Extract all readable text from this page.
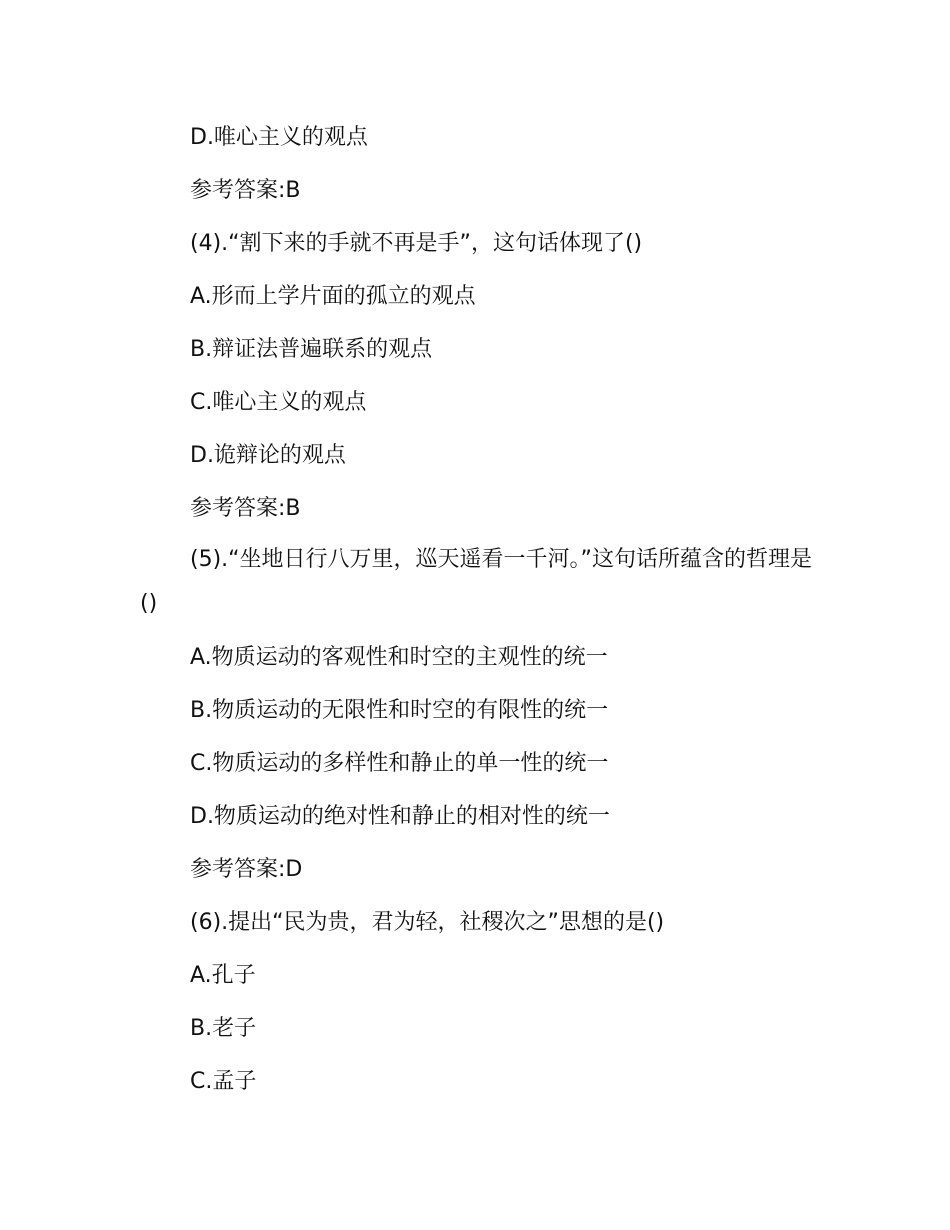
D.唯心主义的观点
参考答案:B
(4).“割下来的手就不再是手”，这句话体现了()
A.形而上学片面的孤立的观点
B.辩证法普遍联系的观点
C.唯心主义的观点
D.诡辩论的观点
参考答案:B
(5).“坐地日行八万里，巡天遥看一千河。”这句话所蕴含的哲理是()
A.物质运动的客观性和时空的主观性的统一
B.物质运动的无限性和时空的有限性的统一
C.物质运动的多样性和静止的单一性的统一
D.物质运动的绝对性和静止的相对性的统一
参考答案:D
(6).提出“民为贵，君为轻，社稷次之”思想的是()
A.孔子
B.老子
C.孟子
